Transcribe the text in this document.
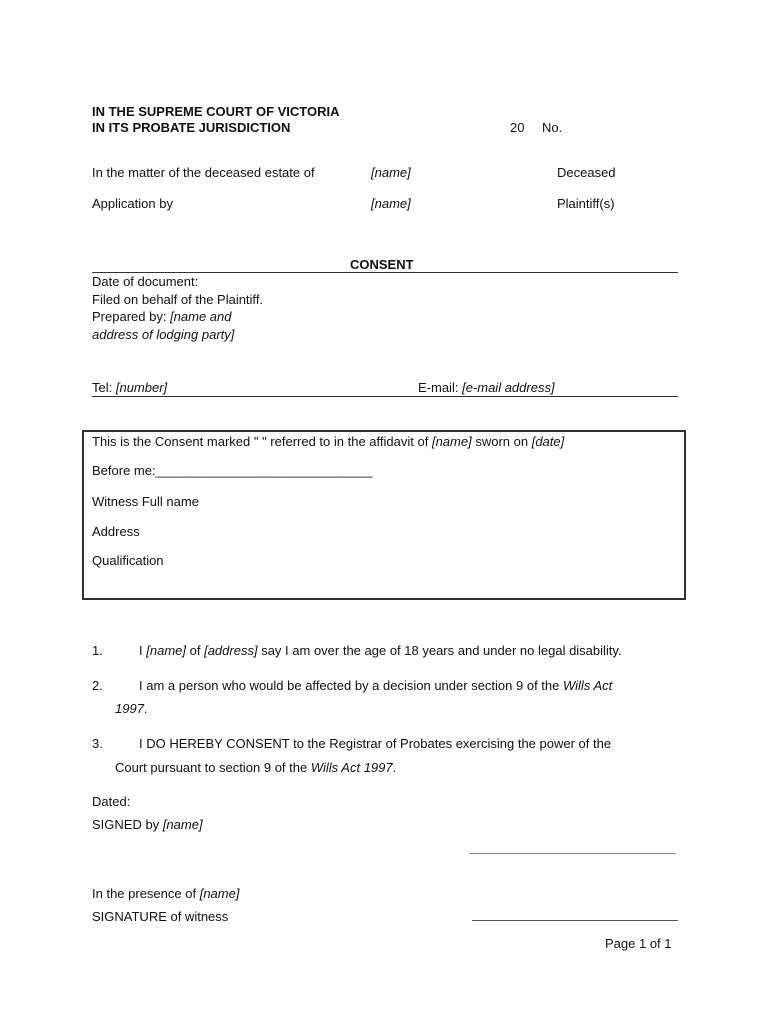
IN THE SUPREME COURT OF VICTORIA
IN ITS PROBATE JURISDICTION	20 No.
In the matter of the deceased estate of	[name]	Deceased
Application by	[name]	Plaintiff(s)
CONSENT
Date of document:
Filed on behalf of the Plaintiff.
Prepared by: [name and
address of lodging party]
Tel: [number]	E-mail: [e-mail address]
This is the Consent marked " " referred to in the affidavit of [name] sworn on [date]
Before me:______________________________
Witness Full name
Address
Qualification
1.	I [name] of [address] say I am over the age of 18 years and under no legal disability.
2.	I am a person who would be affected by a decision under section 9 of the Wills Act
1997.
3.	I DO HEREBY CONSENT to the Registrar of Probates exercising the power of the
Court pursuant to section 9 of the Wills Act 1997.
Dated:
SIGNED by [name]
In the presence of [name]
SIGNATURE of witness
Page 1 of 1
